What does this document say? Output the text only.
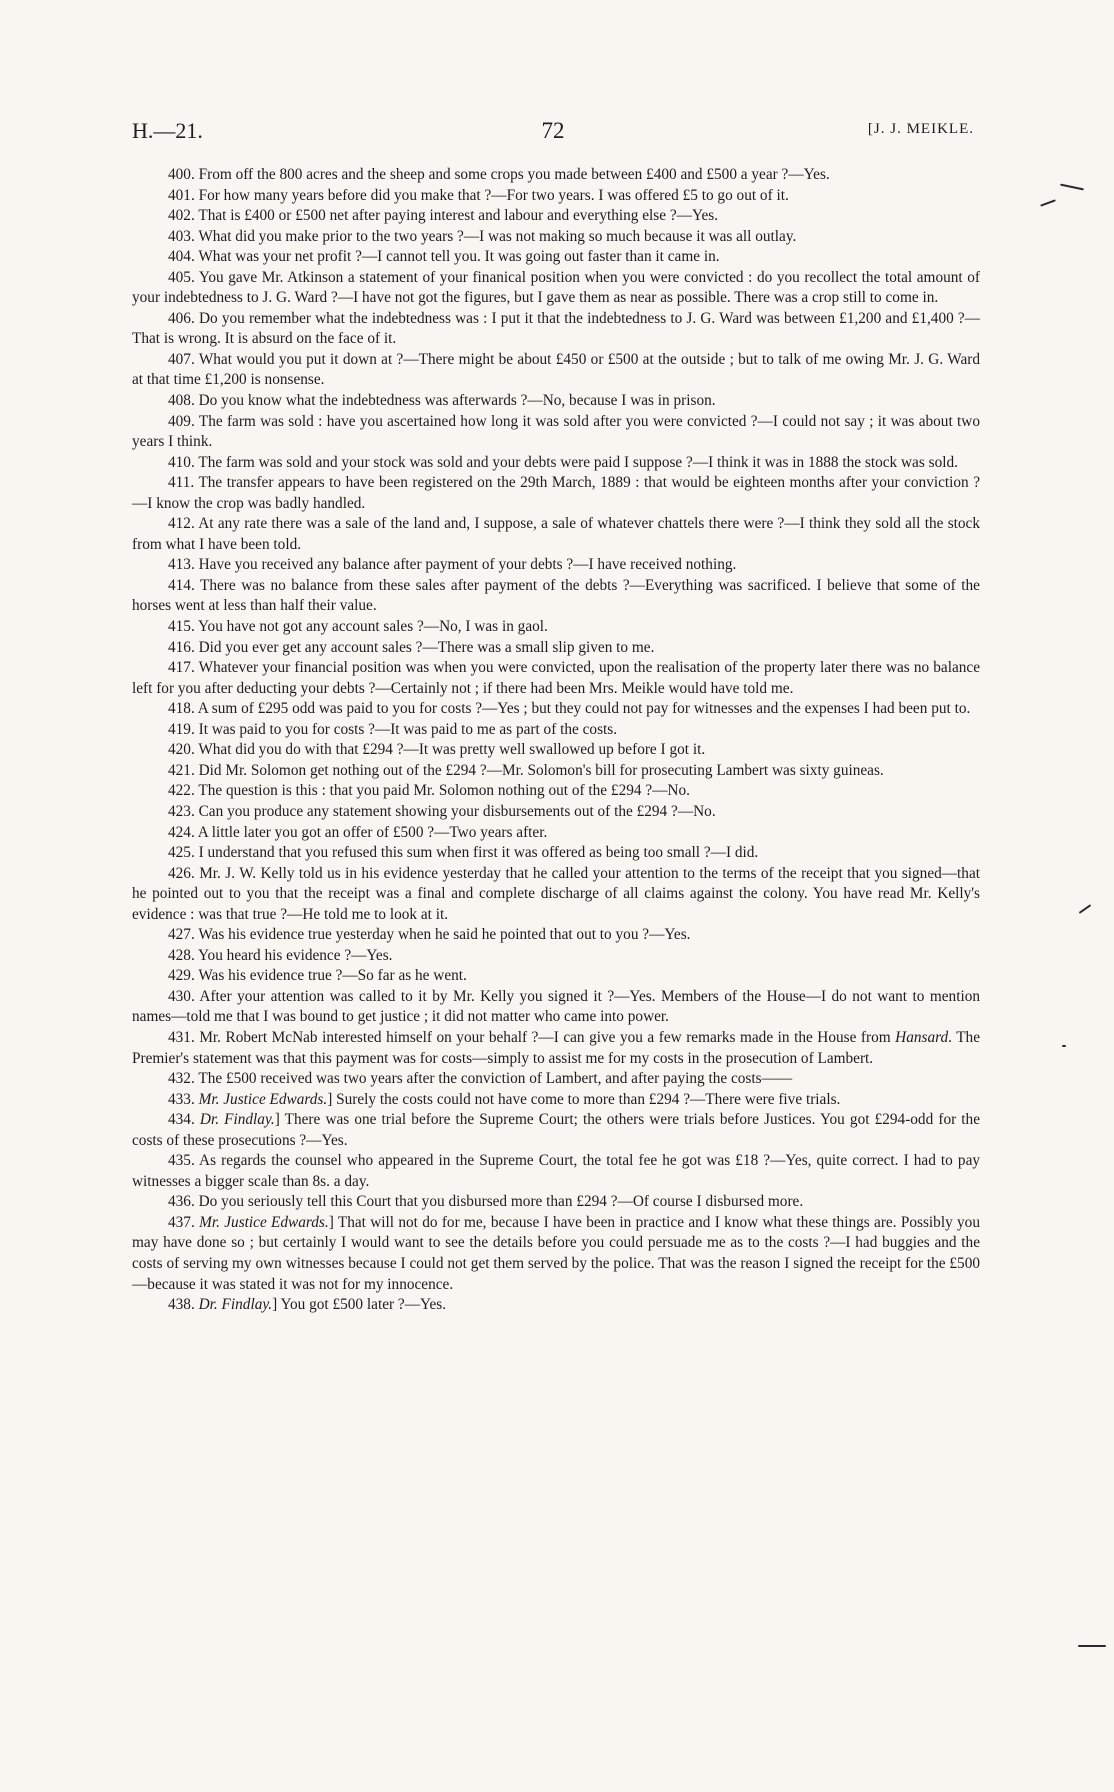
H.—21.	72	[J. J. MEIKLE.

400. From off the 800 acres and the sheep and some crops you made between £400 and £500 a year ?—Yes.

401. For how many years before did you make that ?—For two years. I was offered £5 to go out of it.

402. That is £400 or £500 net after paying interest and labour and everything else ?—Yes.

403. What did you make prior to the two years ?—I was not making so much because it was all outlay.

404. What was your net profit ?—I cannot tell you. It was going out faster than it came in.

405. You gave Mr. Atkinson a statement of your finanical position when you were convicted : do you recollect the total amount of your indebtedness to J. G. Ward ?—I have not got the figures, but I gave them as near as possible. There was a crop still to come in.

406. Do you remember what the indebtedness was : I put it that the indebtedness to J. G. Ward was between £1,200 and £1,400 ?—That is wrong. It is absurd on the face of it.

407. What would you put it down at ?—There might be about £450 or £500 at the outside ; but to talk of me owing Mr. J. G. Ward at that time £1,200 is nonsense.

408. Do you know what the indebtedness was afterwards ?—No, because I was in prison.

409. The farm was sold : have you ascertained how long it was sold after you were convicted ?—I could not say ; it was about two years I think.

410. The farm was sold and your stock was sold and your debts were paid I suppose ?—I think it was in 1888 the stock was sold.

411. The transfer appears to have been registered on the 29th March, 1889 : that would be eighteen months after your conviction ?—I know the crop was badly handled.

412. At any rate there was a sale of the land and, I suppose, a sale of whatever chattels there were ?—I think they sold all the stock from what I have been told.

413. Have you received any balance after payment of your debts ?—I have received nothing.

414. There was no balance from these sales after payment of the debts ?—Everything was sacrificed. I believe that some of the horses went at less than half their value.

415. You have not got any account sales ?—No, I was in gaol.

416. Did you ever get any account sales ?—There was a small slip given to me.

417. Whatever your financial position was when you were convicted, upon the realisation of the property later there was no balance left for you after deducting your debts ?—Certainly not ; if there had been Mrs. Meikle would have told me.

418. A sum of £295 odd was paid to you for costs ?—Yes ; but they could not pay for witnesses and the expenses I had been put to.

419. It was paid to you for costs ?—It was paid to me as part of the costs.

420. What did you do with that £294 ?—It was pretty well swallowed up before I got it.

421. Did Mr. Solomon get nothing out of the £294 ?—Mr. Solomon's bill for prosecuting Lambert was sixty guineas.

422. The question is this : that you paid Mr. Solomon nothing out of the £294 ?—No.

423. Can you produce any statement showing your disbursements out of the £294 ?—No.

424. A little later you got an offer of £500 ?—Two years after.

425. I understand that you refused this sum when first it was offered as being too small ?—I did.

426. Mr. J. W. Kelly told us in his evidence yesterday that he called your attention to the terms of the receipt that you signed—that he pointed out to you that the receipt was a final and complete discharge of all claims against the colony. You have read Mr. Kelly's evidence : was that true ?—He told me to look at it.

427. Was his evidence true yesterday when he said he pointed that out to you ?—Yes.

428. You heard his evidence ?—Yes.

429. Was his evidence true ?—So far as he went.

430. After your attention was called to it by Mr. Kelly you signed it ?—Yes. Members of the House—I do not want to mention names—told me that I was bound to get justice ; it did not matter who came into power.

431. Mr. Robert McNab interested himself on your behalf ?—I can give you a few remarks made in the House from Hansard. The Premier's statement was that this payment was for costs—simply to assist me for my costs in the prosecution of Lambert.

432. The £500 received was two years after the conviction of Lambert, and after paying the costs——

433. Mr. Justice Edwards.] Surely the costs could not have come to more than £294 ?—There were five trials.

434. Dr. Findlay.] There was one trial before the Supreme Court; the others were trials before Justices. You got £294-odd for the costs of these prosecutions ?—Yes.

435. As regards the counsel who appeared in the Supreme Court, the total fee he got was £18 ?—Yes, quite correct. I had to pay witnesses a bigger scale than 8s. a day.

436. Do you seriously tell this Court that you disbursed more than £294 ?—Of course I disbursed more.

437. Mr. Justice Edwards.] That will not do for me, because I have been in practice and I know what these things are. Possibly you may have done so ; but certainly I would want to see the details before you could persuade me as to the costs ?—I had buggies and the costs of serving my own witnesses because I could not get them served by the police. That was the reason I signed the receipt for the £500—because it was stated it was not for my innocence.

438. Dr. Findlay.] You got £500 later ?—Yes.
